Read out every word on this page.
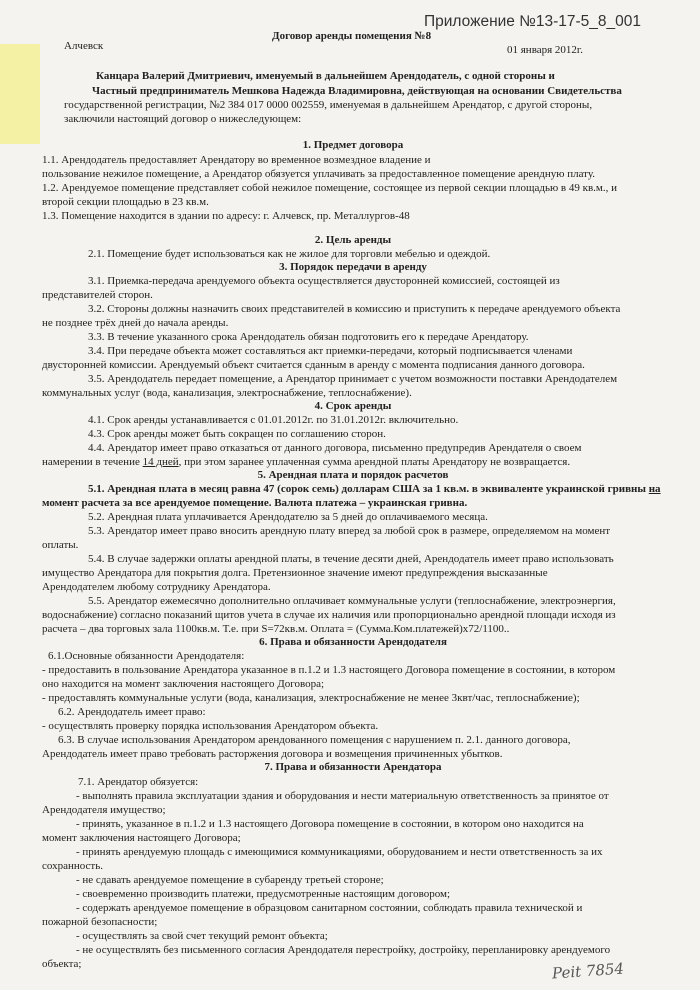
Приложение №13-17-5_8_001
Алчевск
Договор аренды помещения №8
01 января 2012г.
Канцара Валерий Дмитриевич, именуемый в дальнейшем Арендодатель, с одной стороны и
Частный предприниматель Мешкова Надежда Владимировна, действующая на основании Свидетельства
государственной регистрации, №2 384 017 0000 002559, именуемая в дальнейшем Арендатор, с другой стороны,
заключили настоящий договор о нижеследующем:
1. Предмет договора
1.1. Арендодатель предоставляет Арендатору во временное возмездное владение и
пользование нежилое помещение, а Арендатор обязуется уплачивать за предоставленное помещение арендную плату.
1.2. Арендуемое помещение представляет собой нежилое помещение, состоящее из первой секции площадью в 49 кв.м., и
второй секции площадью в 23 кв.м.
1.3. Помещение находится в здании по адресу: г. Алчевск, пр. Металлургов-48
2. Цель аренды
2.1. Помещение будет использоваться как не жилое для торговли мебелью и одеждой.
3. Порядок передачи в аренду
3.1. Приемка-передача арендуемого объекта осуществляется двусторонней комиссией, состоящей из
представителей сторон.
3.2. Стороны должны назначить своих представителей в комиссию и приступить к передаче арендуемого объекта
не позднее трёх дней до начала аренды.
3.3. В течение указанного срока Арендодатель обязан подготовить его к передаче Арендатору.
3.4. При передаче объекта может составляться акт приемки-передачи, который подписывается членами
двусторонней комиссии. Арендуемый объект считается сданным в аренду с момента подписания данного договора.
3.5. Арендодатель передает помещение, а Арендатор принимает с учетом возможности поставки Арендодателем
коммунальных услуг (вода, канализация, электроснабжение, теплоснабжение).
4. Срок аренды
4.1. Срок аренды устанавливается с 01.01.2012г. по 31.01.2012г. включительно.
4.3. Срок аренды может быть сокращен по соглашению сторон.
4.4. Арендатор имеет право отказаться от данного договора, письменно предупредив Арендателя о своем
намерении в течение 14 дней, при этом заранее уплаченная сумма арендной платы Арендатору не возвращается.
5. Арендная плата и порядок расчетов
5.1. Арендная плата в месяц равна 47 (сорок семь) долларам США за 1 кв.м. в эквиваленте украинской гривны на
момент расчета за все арендуемое помещение. Валюта платежа – украинская гривна.
5.2. Арендная плата уплачивается Арендодателю за 5 дней до оплачиваемого месяца.
5.3. Арендатор имеет право вносить арендную плату вперед за любой срок в размере, определяемом на момент
оплаты.
5.4. В случае задержки оплаты арендной платы, в течение десяти дней, Арендодатель имеет право использовать
имущество Арендатора для покрытия долга. Претензионное значение имеют предупреждения высказанные
Арендодателем любому сотруднику Арендатора.
5.5. Арендатор ежемесячно дополнительно оплачивает коммунальные услуги (теплоснабжение, электроэнергия,
водоснабжение) согласно показаний щитов учета в случае их наличия или пропорционально арендной площади исходя из
расчета – два торговых зала 1100кв.м. Т.е. при S=72кв.м. Оплата = (Сумма.Ком.платежей)x72/1100..
6. Права и обязанности Арендодателя
6.1.Основные обязанности Арендодателя:
- предоставить в пользование Арендатора указанное в п.1.2 и 1.3 настоящего Договора помещение в состоянии, в котором
оно находится на момент заключения настоящего Договора;
- предоставлять коммунальные услуги (вода, канализация, электроснабжение не менее 3квт/час, теплоснабжение);
6.2. Арендодатель имеет право:
- осуществлять проверку порядка использования Арендатором объекта.
6.3. В случае использования Арендатором арендованного помещения с нарушением п. 2.1. данного договора,
Арендодатель имеет право требовать расторжения договора и возмещения причиненных убытков.
7. Права и обязанности Арендатора
7.1. Арендатор обязуется:
- выполнять правила эксплуатации здания и оборудования и нести материальную ответственность за принятое от
Арендодателя имущество;
- принять, указанное в п.1.2 и 1.3 настоящего Договора помещение в состоянии, в котором оно находится на
момент заключения настоящего Договора;
- принять арендуемую площадь с имеющимися коммуникациями, оборудованием и нести ответственность за их
сохранность.
- не сдавать арендуемое помещение в субаренду третьей стороне;
- своевременно производить платежи, предусмотренные настоящим договором;
- содержать арендуемое помещение в образцовом санитарном состоянии, соблюдать правила технической и
пожарной безопасности;
- осуществлять за свой счет текущий ремонт объекта;
- не осуществлять без письменного согласия Арендодателя перестройку, достройку, перепланировку арендуемого
объекта;	Peit 7854
